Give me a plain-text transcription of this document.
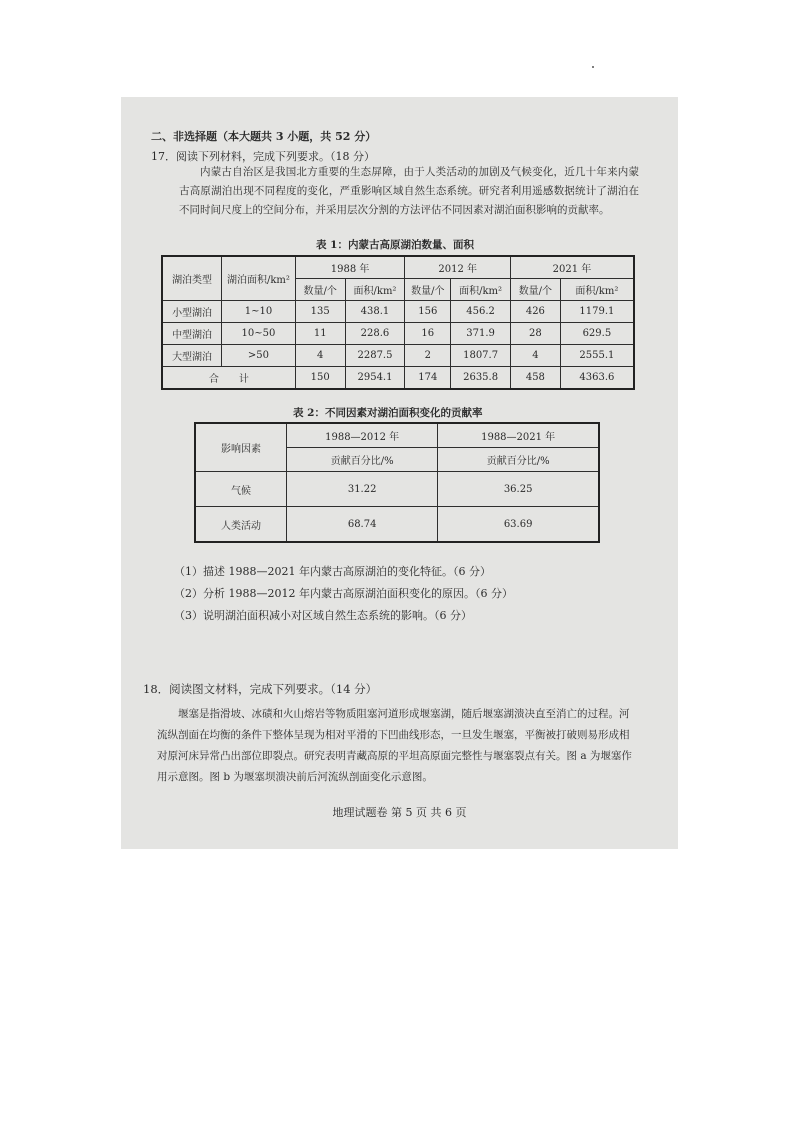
二、非选择题（本大题共 3 小题，共 52 分）
17．阅读下列材料，完成下列要求。（18 分）
内蒙古自治区是我国北方重要的生态屏障，由于人类活动的加剧及气候变化，近几十年来内蒙古高原湖泊出现不同程度的变化，严重影响区域自然生态系统。研究者利用遥感数据统计了湖泊在不同时间尺度上的空间分布，并采用层次分割的方法评估不同因素对湖泊面积影响的贡献率。
表 1：内蒙古高原湖泊数量、面积
湖泊类型	湖泊面积/km²	1988 年		2012 年		2021 年	
		数量/个	面积/km²	数量/个	面积/km²	数量/个	面积/km²
小型湖泊	1~10	135	438.1	156	456.2	426	1179.1
中型湖泊	10~50	11	228.6	16	371.9	28	629.5
大型湖泊	>50	4	2287.5	2	1807.7	4	2555.1
合　　计		150	2954.1	174	2635.8	458	4363.6
表 2：不同因素对湖泊面积变化的贡献率
影响因素	1988—2012 年	1988—2021 年
	贡献百分比/%	贡献百分比/%
气候	31.22	36.25
人类活动	68.74	63.69
（1）描述 1988—2021 年内蒙古高原湖泊的变化特征。（6 分）
（2）分析 1988—2012 年内蒙古高原湖泊面积变化的原因。（6 分）
（3）说明湖泊面积减小对区域自然生态系统的影响。（6 分）
18．阅读图文材料，完成下列要求。（14 分）
堰塞是指滑坡、冰碛和火山熔岩等物质阻塞河道形成堰塞湖，随后堰塞湖溃决直至消亡的过程。河流纵剖面在均衡的条件下整体呈现为相对平滑的下凹曲线形态，一旦发生堰塞，平衡被打破则易形成相对原河床异常凸出部位即裂点。研究表明青藏高原的平坦高原面完整性与堰塞裂点有关。图 a 为堰塞作用示意图。图 b 为堰塞坝溃决前后河流纵剖面变化示意图。
地理试题卷 第 5 页 共 6 页
